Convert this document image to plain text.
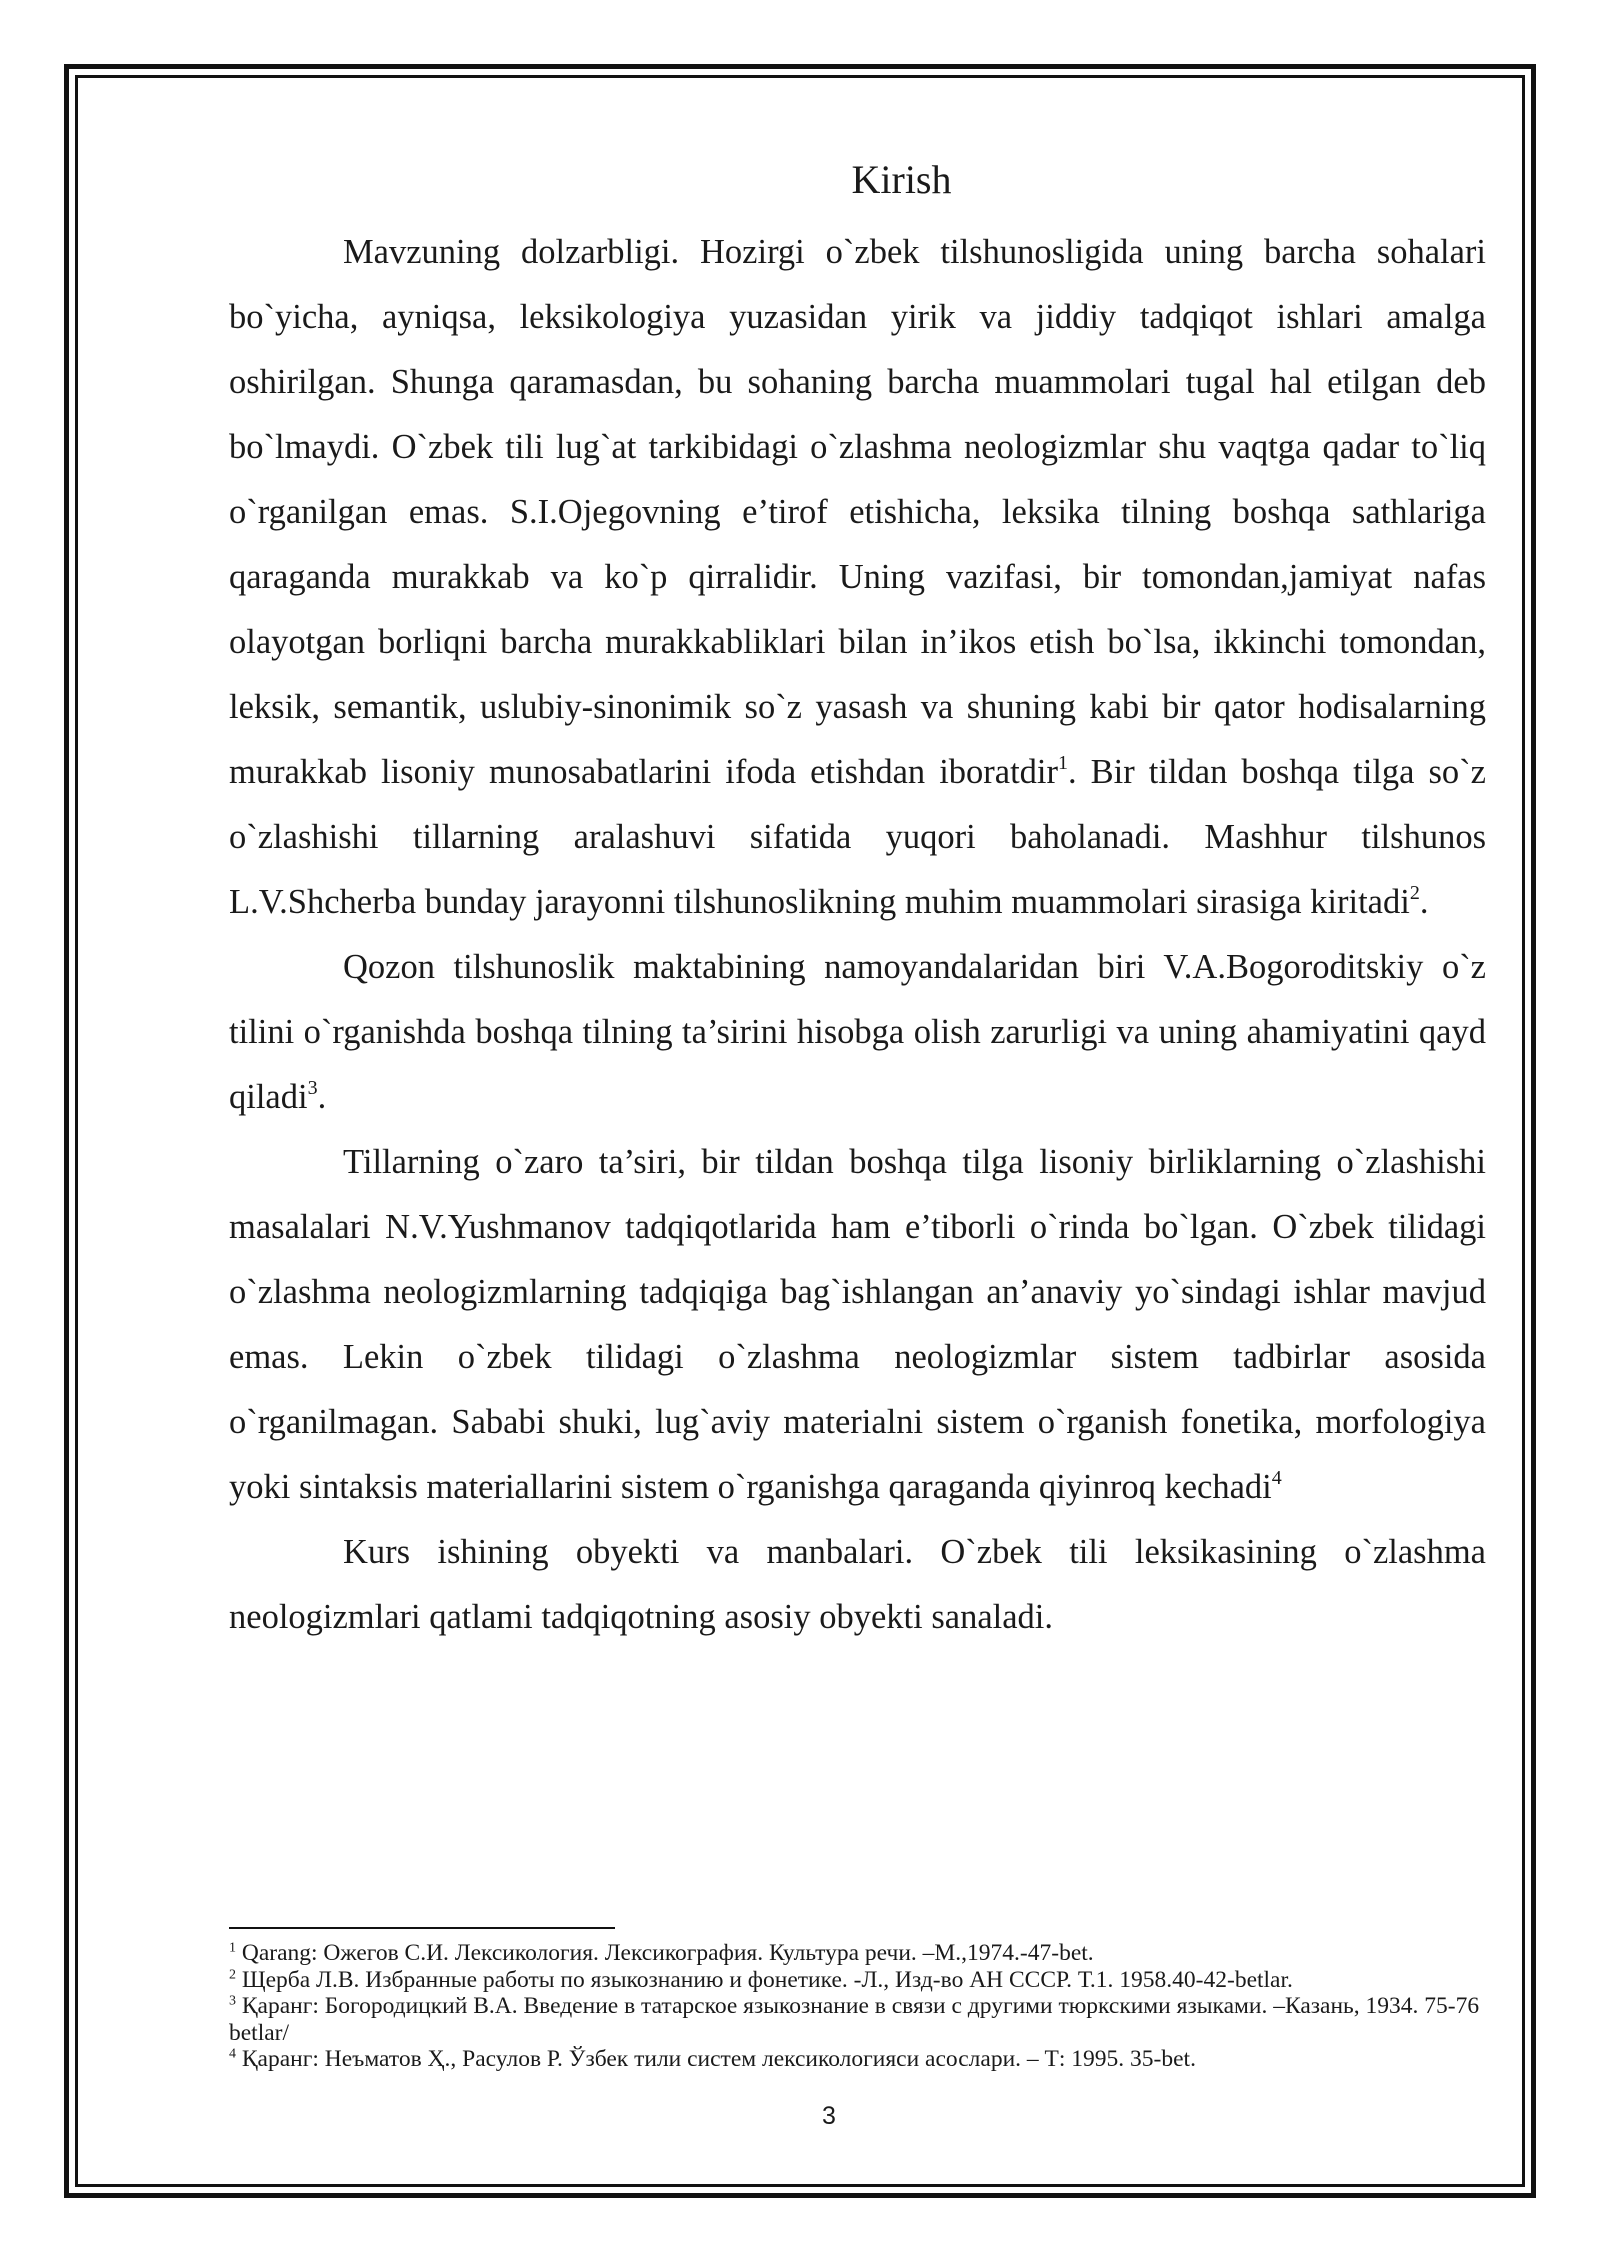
Kirish

Mavzuning dolzarbligi. Hozirgi o`zbek tilshunosligida uning barcha sohalari bo`yicha, ayniqsa, leksikologiya yuzasidan yirik va jiddiy tadqiqot ishlari amalga oshirilgan. Shunga qaramasdan, bu sohaning barcha muammolari tugal hal etilgan deb bo`lmaydi. O`zbek tili lug`at tarkibidagi o`zlashma neologizmlar shu vaqtga qadar to`liq o`rganilgan emas. S.I.Ojegovning e’tirof etishicha, leksika tilning boshqa sathlariga qaraganda murakkab va ko`p qirralidir. Uning vazifasi, bir tomondan,jamiyat nafas olayotgan borliqni barcha murakkabliklari bilan in’ikos etish bo`lsa, ikkinchi tomondan, leksik, semantik, uslubiy-sinonimik so`z yasash va shuning kabi bir qator hodisalarning murakkab lisoniy munosabatlarini ifoda etishdan iboratdir$^1$. Bir tildan boshqa tilga so`z o`zlashishi tillarning aralashuvi sifatida yuqori baholanadi. Mashhur tilshunos L.V.Shcherba bunday jarayonni tilshunoslikning muhim muammolari sirasiga kiritadi$^2$.

Qozon tilshunoslik maktabining namoyandalaridan biri V.A.Bogoroditskiy o`z tilini o`rganishda boshqa tilning ta’sirini hisobga olish zarurligi va uning ahamiyatini qayd qiladi$^3$.

Tillarning o`zaro ta’siri, bir tildan boshqa tilga lisoniy birliklarning o`zlashishi masalalari N.V.Yushmanov tadqiqotlarida ham e’tiborli o`rinda bo`lgan. O`zbek tilidagi o`zlashma neologizmlarning tadqiqiga bag`ishlangan an’anaviy yo`sindagi ishlar mavjud emas. Lekin o`zbek tilidagi o`zlashma neologizmlar sistem tadbirlar asosida o`rganilmagan. Sababi shuki, lug`aviy materialni sistem o`rganish fonetika, morfologiya yoki sintaksis materiallarini sistem o`rganishga qaraganda qiyinroq kechadi$^4$

Kurs ishining obyekti va manbalari. O`zbek tili leksikasining o`zlashma neologizmlari qatlami tadqiqotning asosiy obyekti sanaladi.

$^1$ Qarang: Ожегов С.И. Лексикология. Лексикография. Культура речи. –М.,1974.-47-bet.

$^2$ Щерба Л.В. Избранные работы по языкознанию и фонетике. -Л., Изд-во АН СССР. Т.1. 1958.40-42-betlar.

$^3$ Қаранг: Богородицкий В.А. Введение в татарское языкознание в связи с другими тюркскими языками. –Казань, 1934. 75-76 betlar/

$^4$ Қаранг: Неъматов Ҳ., Расулов Р. Ўзбек тили систем лексикологияси асослари. – Т: 1995. 35-bet.

3
